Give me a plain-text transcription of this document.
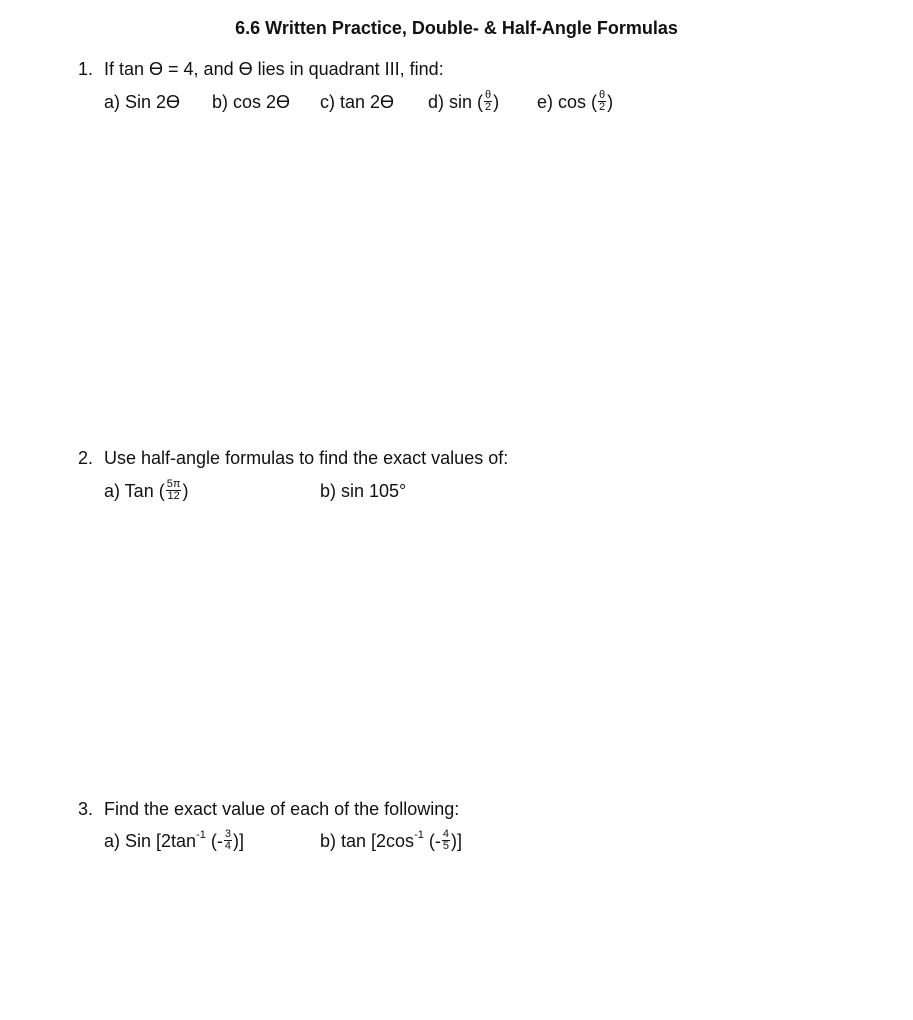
6.6 Written Practice, Double- & Half-Angle Formulas
1. If tan ϴ = 4, and ϴ lies in quadrant III, find:
a) Sin 2ϴ b) cos 2ϴ c) tan 2ϴ d) sin ( $\frac{\theta}{2}$ ) e) cos ( $\frac{\theta}{2}$ )
2. Use half-angle formulas to find the exact values of:
a) Tan ( $\frac{5\pi}{12}$ )	b) sin 105°
3. Find the exact value of each of the following:
a) Sin [$2\tan^{-1}$ (- $\frac{3}{4}$ )]	b) $\tan [2\cos^{-1}$ (- $\frac{4}{5}$ )]
